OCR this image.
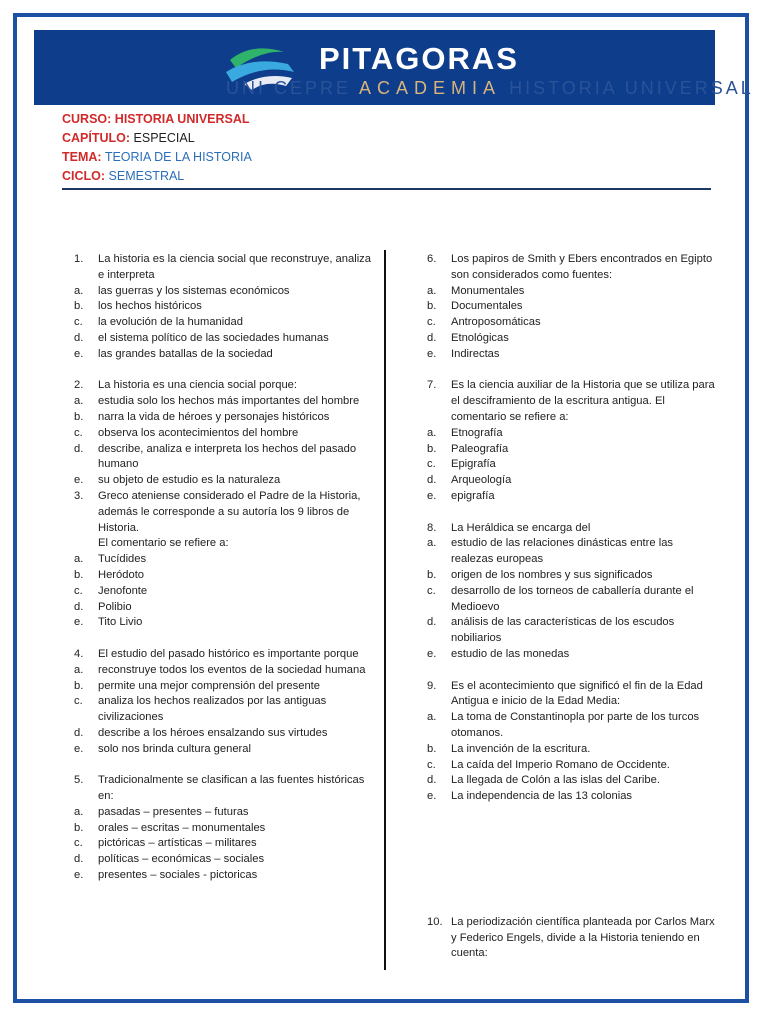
PITAGORAS
UNI CEPRE ACADEMIA HISTORIA UNIVERSAL
CURSO: HISTORIA UNIVERSAL
CAPÍTULO: ESPECIAL
TEMA: TEORIA DE LA HISTORIA
CICLO: SEMESTRAL
1.	La historia es la ciencia social que reconstruye, analiza e interpreta
a.	las guerras y los sistemas económicos
b.	los hechos históricos
c.	la evolución de la humanidad
d.	el sistema político de las sociedades humanas
e.	las grandes batallas de la sociedad
2.	La historia es una ciencia social porque:
a.	estudia solo los hechos más importantes del hombre
b.	narra la vida de héroes y personajes históricos
c.	observa los acontecimientos del hombre
d.	describe, analiza e interpreta los hechos del pasado humano
e.	su objeto de estudio es la naturaleza
3.	Greco ateniense considerado el Padre de la Historia, además le corresponde a su autoría los 9 libros de Historia.
El comentario se refiere a:
a.	Tucídides
b.	Heródoto
c.	Jenofonte
d.	Polibio
e.	Tito Livio
4.	El estudio del pasado histórico es importante porque
a.	reconstruye todos los eventos de la sociedad humana
b.	permite una mejor comprensión del presente
c.	analiza los hechos realizados por las antiguas civilizaciones
d.	describe a los héroes ensalzando sus virtudes
e.	solo nos brinda cultura general
5.	Tradicionalmente se clasifican a las fuentes históricas en:
a.	pasadas – presentes – futuras
b.	orales – escritas – monumentales
c.	pictóricas – artísticas – militares
d.	políticas – económicas – sociales
e.	presentes – sociales - pictoricas
6.	Los papiros de Smith y Ebers encontrados en Egipto son considerados como fuentes:
a.	Monumentales
b.	Documentales
c.	Antroposomáticas
d.	Etnológicas
e.	Indirectas
7.	Es la ciencia auxiliar de la Historia que se utiliza para el desciframiento de la escritura antigua. El comentario se refiere a:
a.	Etnografía
b.	Paleografía
c.	Epigrafía
d.	Arqueología
e.	epigrafía
8.	La Heráldica se encarga del
a.	estudio de las relaciones dinásticas entre las realezas europeas
b.	origen de los nombres y sus significados
c.	desarrollo de los torneos de caballería durante el Medioevo
d.	análisis de las características de los escudos nobiliarios
e.	estudio de las monedas
9.	Es el acontecimiento que significó el fin de la Edad Antigua e inicio de la Edad Media:
a.	La toma de Constantinopla por parte de los turcos otomanos.
b.	La invención de la escritura.
c.	La caída del Imperio Romano de Occidente.
d.	La llegada de Colón a las islas del Caribe.
e.	La independencia de las 13 colonias
10. La periodización científica planteada por Carlos Marx y Federico Engels, divide a la Historia teniendo en cuenta:
